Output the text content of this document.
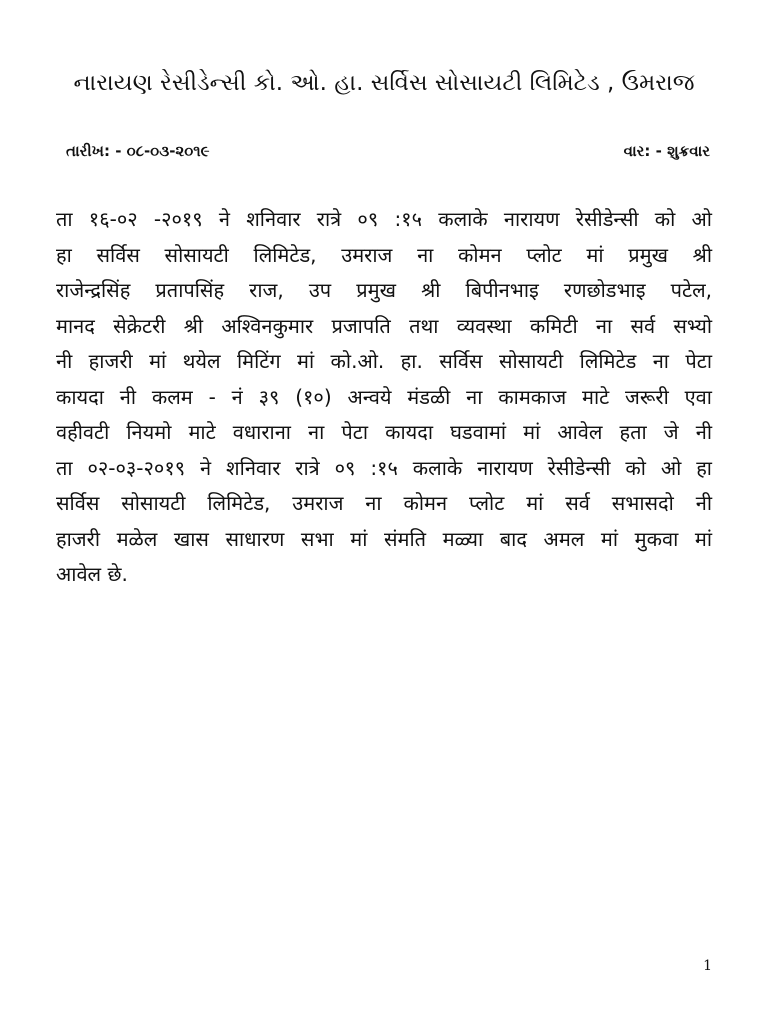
નારાયણ રેસીડેન્સી કો. ઓ. હા. સર્વિસ સોસાયટી લિમિટેડ , ઉમરાજ
તારીખ: - ૦૮-૦૩-૨૦૧૯	વાર: - શુક્રવાર
ता १६-०२ -२०१९ ने शनिवार रात्रे ०९ :१५ कलाके नारायण रेसीडेन्सी को ओ
हा सर्विस सोसायटी लिमिटेड, उमराज ना कोमन प्लोट मां प्रमुख श्री
राजेन्द्रसिंह प्रतापसिंह राज, उप प्रमुख श्री बिपीनभाइ रणछोडभाइ पटेल,
मानद सेक्रेटरी श्री अश्विनकुमार प्रजापति तथा व्यवस्था कमिटी ना सर्व सभ्यो
नी हाजरी मां थयेल मिटिंग मां को.ओ. हा. सर्विस सोसायटी लिमिटेड ना पेटा
कायदा नी कलम - नं ३९ (१०) अन्वये मंडळी ना कामकाज माटे जरूरी एवा
वहीवटी नियमो माटे वधाराना ना पेटा कायदा घडवामां मां आवेल हता जे नी
ता ०२-०३-२०१९ ने शनिवार रात्रे ०९ :१५ कलाके नारायण रेसीडेन्सी को ओ हा
सर्विस सोसायटी लिमिटेड, उमराज ना कोमन प्लोट मां सर्व सभासदो नी
हाजरी मळेल खास साधारण सभा मां संमति मळ्या बाद अमल मां मुकवा मां
आवेल छे.
1
